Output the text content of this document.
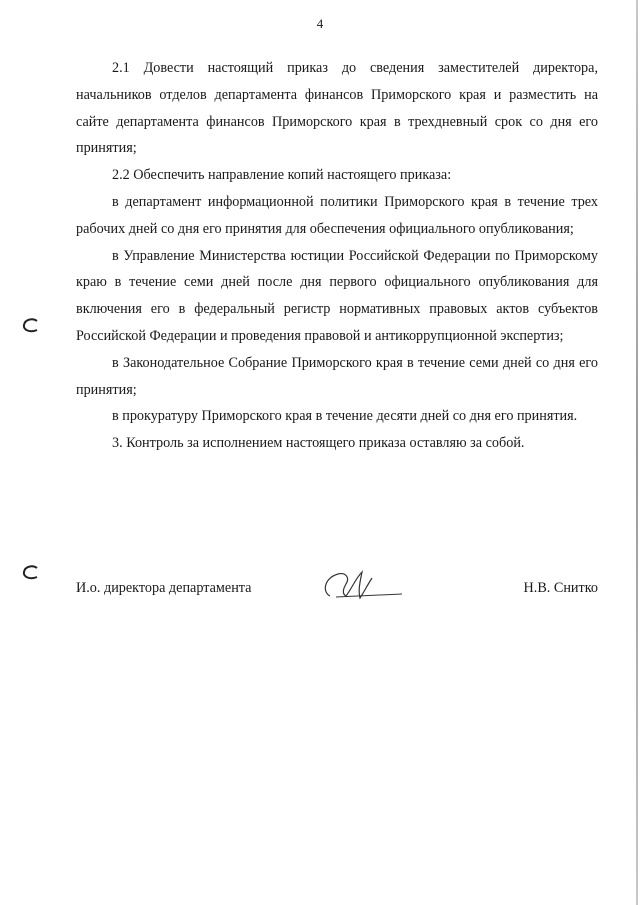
4

2.1 Довести настоящий приказ до сведения заместителей директора, начальников отделов департамента финансов Приморского края и разместить на сайте департамента финансов Приморского края в трехдневный срок со дня его принятия;

2.2 Обеспечить направление копий настоящего приказа:

в департамент информационной политики Приморского края в течение трех рабочих дней со дня его принятия для обеспечения официального опубликования;

в Управление Министерства юстиции Российской Федерации по Приморскому краю в течение семи дней после дня первого официального опубликования для включения его в федеральный регистр нормативных правовых актов субъектов Российской Федерации и проведения правовой и антикоррупционной экспертиз;

в Законодательное Собрание Приморского края в течение семи дней со дня его принятия;

в прокуратуру Приморского края в течение десяти дней со дня его принятия.

3. Контроль за исполнением настоящего приказа оставляю за собой.

И.о. директора департамента	Н.В. Снитко
